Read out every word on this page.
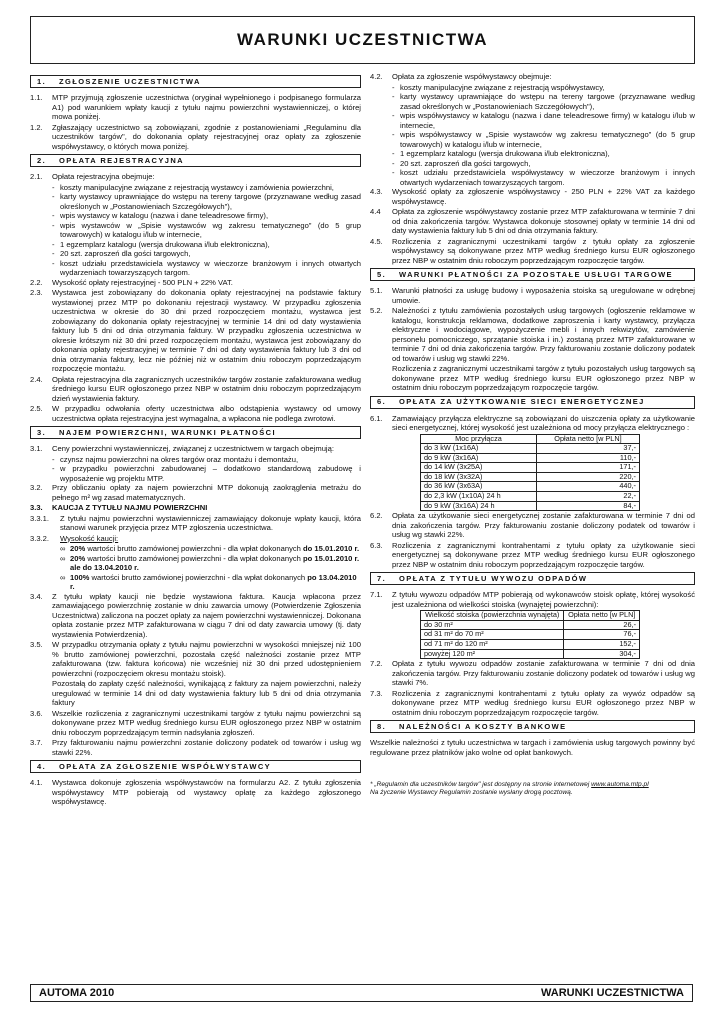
WARUNKI UCZESTNICTWA
1.	ZGŁOSZENIE UCZESTNICTWA
1.1.	MTP przyjmują zgłoszenie uczestnictwa (oryginał wypełnionego i podpisanego formularza A1) pod warunkiem wpłaty kaucji z tytułu najmu powierzchni wystawienniczej, o której mowa poniżej.
1.2.	Zgłaszający uczestnictwo są zobowiązani, zgodnie z postanowieniami „Regulaminu dla uczestników targów", do dokonania opłaty rejestracyjnej oraz opłaty za zgłoszenie współwystawcy, o których mowa poniżej.
2.	OPŁATA REJESTRACYJNA
2.1.	Opłata rejestracyjna obejmuje:
- koszty manipulacyjne związane z rejestracją wystawcy i zamówienia powierzchni,
- karty wystawcy uprawniające do wstępu na tereny targowe (przyznawane według zasad określonych w „Postanowieniach Szczegółowych"),
- wpis wystawcy w katalogu (nazwa i dane teleadresowe firmy),
- wpis wystawców w „Spisie wystawców wg zakresu tematycznego" (do 5 grup towarowych) w katalogu i/lub w internecie,
- 1 egzemplarz katalogu (wersja drukowana i/lub elektroniczna),
- 20 szt. zaproszeń dla gości targowych,
- koszt udziału przedstawiciela wystawcy w wieczorze branżowym i innych otwartych wydarzeniach towarzyszących targom.
2.2.	Wysokość opłaty rejestracyjnej - 500 PLN + 22% VAT.
2.3.	Wystawca jest zobowiązany do dokonania opłaty rejestracyjnej na podstawie faktury wystawionej przez MTP po dokonaniu rejestracji wystawcy. W przypadku zgłoszenia uczestnictwa w okresie do 30 dni przed rozpoczęciem montażu, wystawca jest zobowiązany do dokonania opłaty rejestracyjnej w terminie 14 dni od daty wystawienia faktury lub 5 dni od dnia otrzymania faktury. W przypadku zgłoszenia uczestnictwa w okresie krótszym niż 30 dni przed rozpoczęciem montażu, wystawca jest zobowiązany do dokonania opłaty rejestracyjnej w terminie 7 dni od daty wystawienia faktury lub 3 dni od dnia otrzymania faktury, lecz nie później niż w ostatnim dniu roboczym poprzedzającym rozpoczęcie montażu.
2.4.	Opłata rejestracyjna dla zagranicznych uczestników targów zostanie zafakturowana według średniego kursu EUR ogłoszonego przez NBP w ostatnim dniu roboczym poprzedzającym dzień wystawienia faktury.
2.5.	W przypadku odwołania oferty uczestnictwa albo odstąpienia wystawcy od umowy uczestnictwa opłata rejestracyjna jest wymagalna, a wpłacona nie podlega zwrotowi.
3.	NAJEM POWIERZCHNI, WARUNKI PŁATNOŚCI
3.1.	Ceny powierzchni wystawienniczej, związanej z uczestnictwem w targach obejmują:
- czynsz najmu powierzchni na okres targów oraz montażu i demontażu,
- w przypadku powierzchni zabudowanej – dodatkowo standardową zabudowę i wyposażenie wg projektu MTP.
3.2.	Przy obliczaniu opłaty za najem powierzchni MTP dokonują zaokrąglenia metrażu do pełnego m² wg zasad matematycznych.
3.3.	KAUCJA Z TYTUŁU NAJMU POWIERZCHNI
3.3.1.	Z tytułu najmu powierzchni wystawienniczej zamawiający dokonuje wpłaty kaucji, która stanowi warunek przyjęcia przez MTP zgłoszenia uczestnictwa.
3.3.2.	Wysokość kaucji:
∞ 20% wartości brutto zamówionej powierzchni - dla wpłat dokonanych do 15.01.2010 r.
∞ 20% wartości brutto zamówionej powierzchni - dla wpłat dokonanych po 15.01.2010 r. ale do 13.04.2010 r.
∞ 100% wartości brutto zamówionej powierzchni - dla wpłat dokonanych po 13.04.2010 r.
3.4.	Z tytułu wpłaty kaucji nie będzie wystawiona faktura. Kaucja wpłacona przez zamawiającego powierzchnię zostanie w dniu zawarcia umowy (Potwierdzenie Zgłoszenia Uczestnictwa) zaliczona na poczet opłaty za najem powierzchni wystawienniczej. Dokonana opłata zostanie przez MTP zafakturowana w ciągu 7 dni od daty zawarcia umowy (tj. daty wystawienia Potwierdzenia).
3.5.	W przypadku otrzymania opłaty z tytułu najmu powierzchni w wysokości mniejszej niż 100 % brutto zamówionej powierzchni, pozostała część należności zostanie przez MTP zafakturowana (tzw. faktura końcowa) nie wcześniej niż 30 dni przed udostępnieniem powierzchni (rozpoczęciem okresu montażu stoisk).
Pozostałą do zapłaty część należności, wynikającą z faktury za najem powierzchni, należy uregulować w terminie 14 dni od daty wystawienia faktury lub 5 dni od dnia otrzymania faktury
3.6.	Wszelkie rozliczenia z zagranicznymi uczestnikami targów z tytułu najmu powierzchni są dokonywane przez MTP według średniego kursu EUR ogłoszonego przez NBP w ostatnim dniu roboczym poprzedzającym termin nadsyłania zgłoszeń.
3.7.	Przy fakturowaniu najmu powierzchni zostanie doliczony podatek od towarów i usług wg stawki 22%.
4.	OPŁATA ZA ZGŁOSZENIE WSPÓŁWYSTAWCY
4.1.	Wystawca dokonuje zgłoszenia współwystawców na formularzu A2. Z tytułu zgłoszenia współwystawcy MTP pobierają od wystawcy opłatę za każdego zgłoszonego współwystawcę.
4.2.	Opłata za zgłoszenie współwystawcy obejmuje:
- koszty manipulacyjne związane z rejestracją współwystawcy,
- karty wystawcy uprawniające do wstępu na tereny targowe (przyznawane według zasad określonych w „Postanowieniach Szczegółowych"),
- wpis współwystawcy w katalogu (nazwa i dane teleadresowe firmy) w katalogu i/lub w internecie,
- wpis współwystawcy w „Spisie wystawców wg zakresu tematycznego" (do 5 grup towarowych) w katalogu i/lub w internecie,
- 1 egzemplarz katalogu (wersja drukowana i/lub elektroniczna),
- 20 szt. zaproszeń dla gości targowych,
- koszt udziału przedstawiciela współwystawcy w wieczorze branżowym i innych otwartych wydarzeniach towarzyszących targom.
4.3.	Wysokość opłaty za zgłoszenie współwystawcy - 250 PLN + 22% VAT za każdego współwystawcę.
4.4	Opłata za zgłoszenie współwystawcy zostanie przez MTP zafakturowana w terminie 7 dni od dnia zakończenia targów. Wystawca dokonuje stosownej opłaty w terminie 14 dni od daty wystawienia faktury lub 5 dni od dnia otrzymania faktury.
4.5.	Rozliczenia z zagranicznymi uczestnikami targów z tytułu opłaty za zgłoszenie współwystawcy są dokonywane przez MTP według średniego kursu EUR ogłoszonego przez NBP w ostatnim dniu roboczym poprzedzającym rozpoczęcie targów.
5.	WARUNKI PŁATNOŚCI ZA POZOSTAŁE USŁUGI TARGOWE
5.1.	Warunki płatności za usługę budowy i wyposażenia stoiska są uregulowane w odrębnej umowie.
5.2.	Należności z tytułu zamówienia pozostałych usług targowych (ogłoszenie reklamowe w katalogu, konstrukcja reklamowa, dodatkowe zaproszenia i karty wystawcy, przyłącza elektryczne i wodociągowe, wypożyczenie mebli i innych rekwizytów, zamówienie personelu pomocniczego, sprzątanie stoiska i in.) zostaną przez MTP zafakturowane w terminie 7 dni od dnia zakończenia targów. Przy fakturowaniu zostanie doliczony podatek od towarów i usług wg stawki 22%.
Rozliczenia z zagranicznymi uczestnikami targów z tytułu pozostałych usług targowych są dokonywane przez MTP według średniego kursu EUR ogłoszonego przez NBP w ostatnim dniu roboczym poprzedzającym rozpoczęcie targów.
6.	OPŁATA ZA UŻYTKOWANIE SIECI ENERGETYCZNEJ
6.1.	Zamawiający przyłącza elektryczne są zobowiązani do uiszczenia opłaty za użytkowanie sieci energetycznej, której wysokość jest uzależniona od mocy przyłącza elektrycznego :
Moc przyłącza	Opłata netto [w PLN]
do 3 kW (1x16A)	37,-
do 9 kW (3x16A)	110,-
do 14 kW (3x25A)	171,-
do 18 kW (3x32A)	220,-
do 36 kW (3x63A)	440,-
do 2,3 kW (1x10A) 24 h	22,-
do 9 kW (3x16A) 24 h	84,-
6.2.	Opłata za użytkowanie sieci energetycznej zostanie zafakturowana w terminie 7 dni od dnia zakończenia targów. Przy fakturowaniu zostanie doliczony podatek od towarów i usług wg stawki 22%.
6.3.	Rozliczenia z zagranicznymi kontrahentami z tytułu opłaty za użytkowanie sieci energetycznej są dokonywane przez MTP według średniego kursu EUR ogłoszonego przez NBP w ostatnim dniu roboczym poprzedzającym rozpoczęcie targów.
7.	OPŁATA Z TYTUŁU WYWOZU ODPADÓW
7.1.	Z tytułu wywozu odpadów MTP pobierają od wykonawców stoisk opłatę, której wysokość jest uzależniona od wielkości stoiska (wynajętej powierzchni):
Wielkość stoiska (powierzchnia wynajęta)	Opłata netto [w PLN]
do 30 m²	26,-
od 31 m² do 70 m²	76,-
od 71 m² do 120 m²	152,-
powyżej 120 m²	304,-
7.2.	Opłata z tytułu wywozu odpadów zostanie zafakturowana w terminie 7 dni od dnia zakończenia targów. Przy fakturowaniu zostanie doliczony podatek od towarów i usług wg stawki 7%.
7.3.	Rozliczenia z zagranicznymi kontrahentami z tytułu opłaty za wywóz odpadów są dokonywane przez MTP według średniego kursu EUR ogłoszonego przez NBP w ostatnim dniu roboczym poprzedzającym rozpoczęcie targów.
8.	NALEŻNOŚCI A KOSZTY BANKOWE
Wszelkie należności z tytułu uczestnictwa w targach i zamówienia usług targowych powinny być regulowane przez płatników jako wolne od opłat bankowych.
* „Regulamin dla uczestników targów" jest dostępny na stronie internetowej www.automa.mtp.pl
Na życzenie Wystawcy Regulamin zostanie wysłany drogą pocztową.
AUTOMA 2010	WARUNKI UCZESTNICTWA
